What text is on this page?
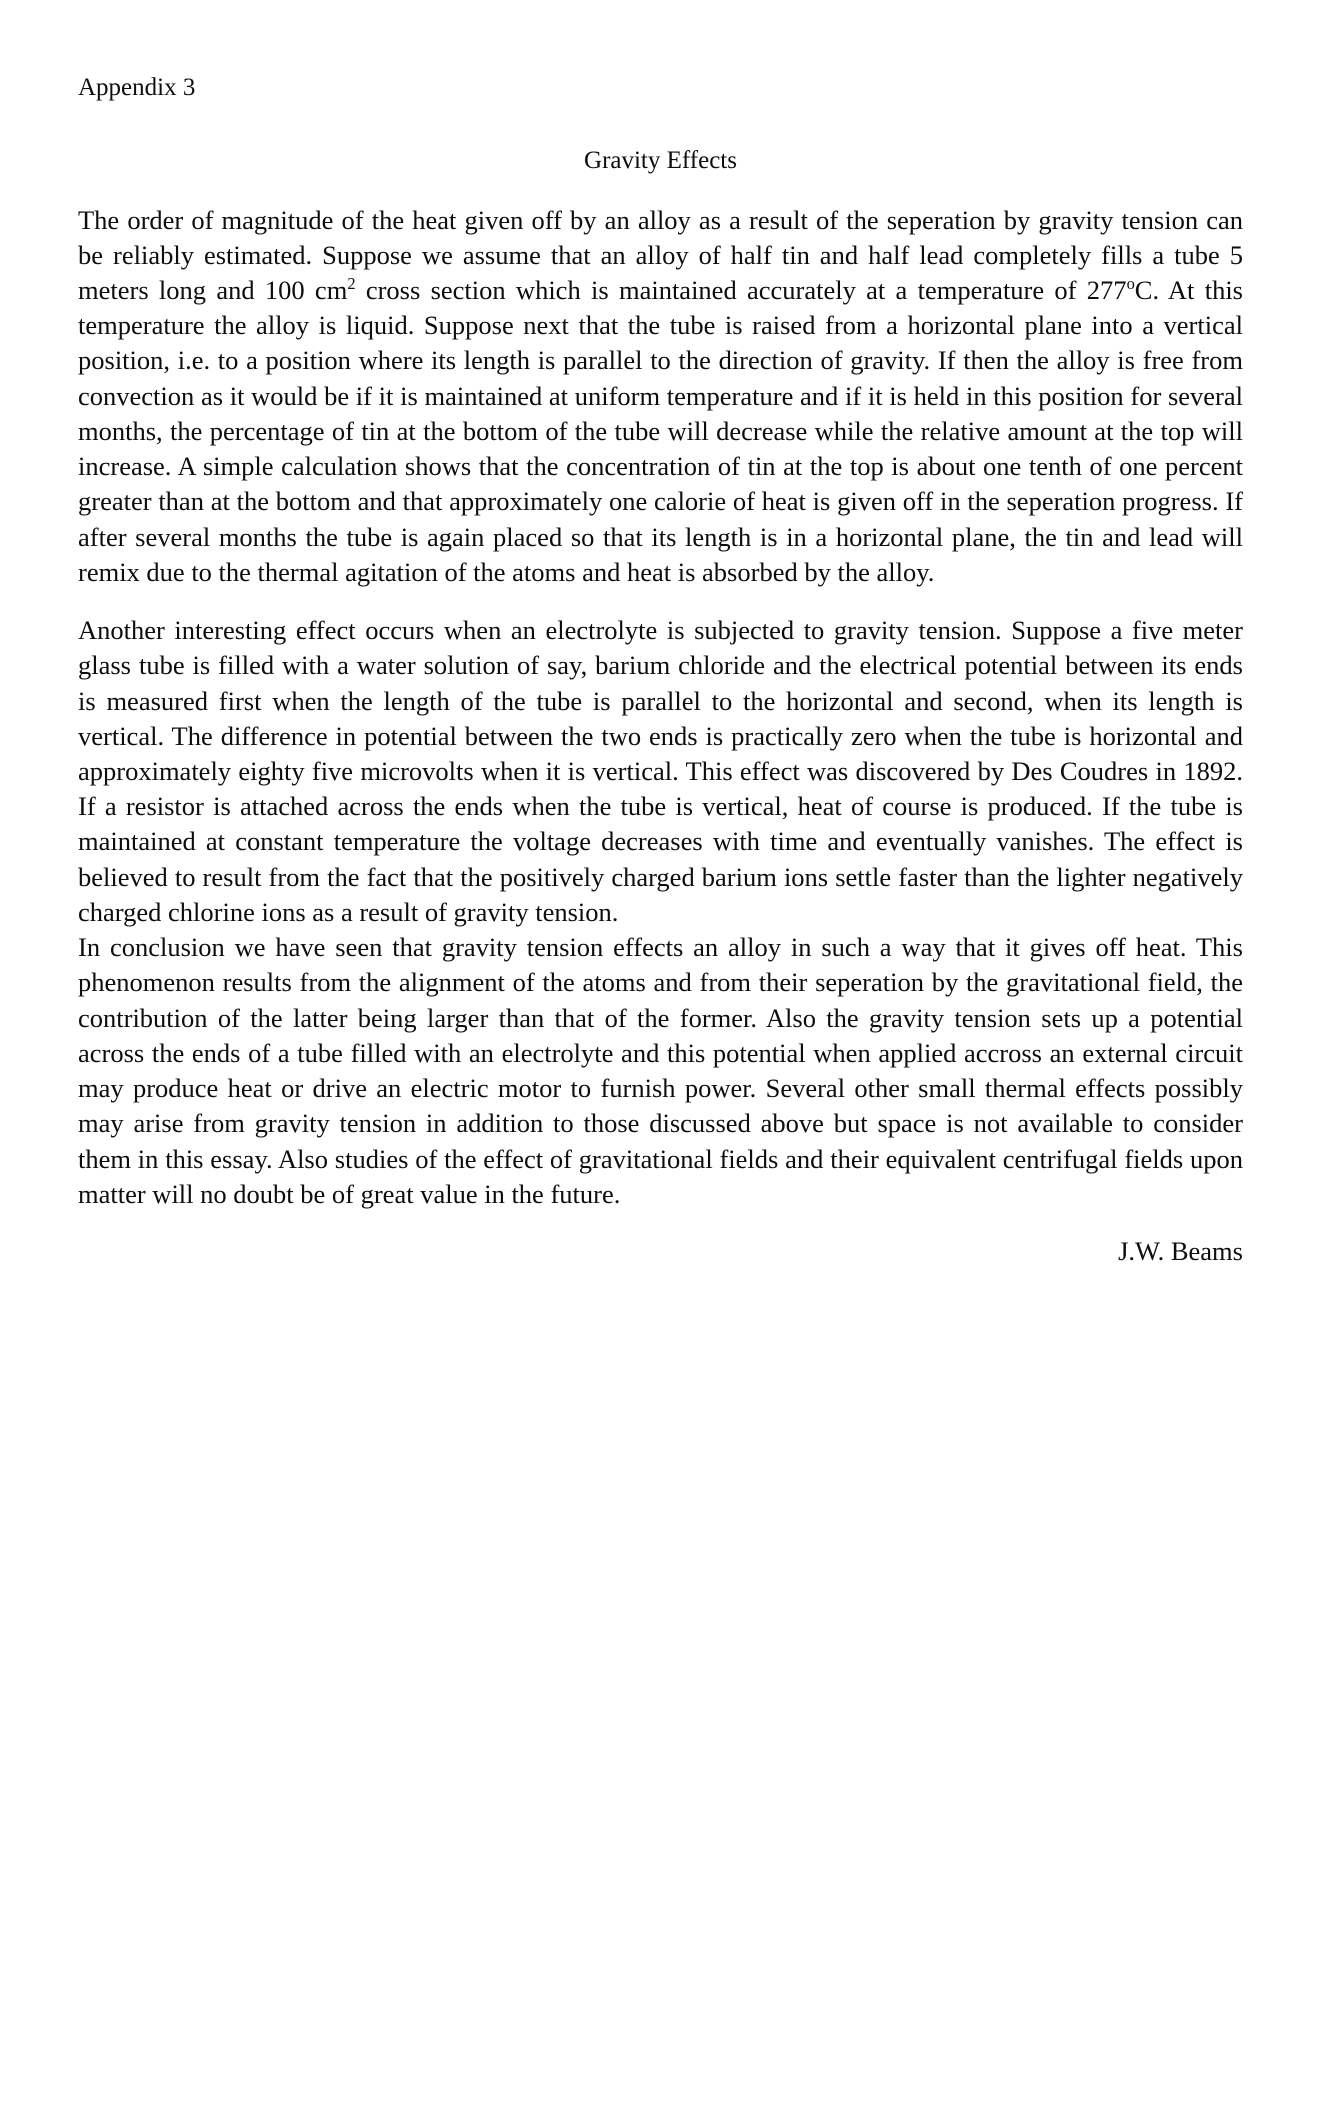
Appendix 3
Gravity Effects

The order of magnitude of the heat given off by an alloy as a result of the seperation by gravity tension can be reliably estimated. Suppose we assume that an alloy of half tin and half lead completely fills a tube 5 meters long and 100 $cm^2$ cross section which is maintained accurately at a temperature of 277$^o$C. At this temperature the alloy is liquid. Suppose next that the tube is raised from a horizontal plane into a vertical position, i.e. to a position where its length is parallel to the direction of gravity. If then the alloy is free from convection as it would be if it is maintained at uniform temperature and if it is held in this position for several months, the percentage of tin at the bottom of the tube will decrease while the relative amount at the top will increase. A simple calculation shows that the concentration of tin at the top is about one tenth of one percent greater than at the bottom and that approximately one calorie of heat is given off in the seperation progress. If after several months the tube is again placed so that its length is in a horizontal plane, the tin and lead will remix due to the thermal agitation of the atoms and heat is absorbed by the alloy.

Another interesting effect occurs when an electrolyte is subjected to gravity tension. Suppose a five meter glass tube is filled with a water solution of say, barium chloride and the electrical potential between its ends is measured first when the length of the tube is parallel to the horizontal and second, when its length is vertical. The difference in potential between the two ends is practically zero when the tube is horizontal and approximately eighty five microvolts when it is vertical. This effect was discovered by Des Coudres in 1892. If a resistor is attached across the ends when the tube is vertical, heat of course is produced. If the tube is maintained at constant temperature the voltage decreases with time and eventually vanishes. The effect is believed to result from the fact that the positively charged barium ions settle faster than the lighter negatively charged chlorine ions as a result of gravity tension.

In conclusion we have seen that gravity tension effects an alloy in such a way that it gives off heat. This phenomenon results from the alignment of the atoms and from their seperation by the gravitational field, the contribution of the latter being larger than that of the former. Also the gravity tension sets up a potential across the ends of a tube filled with an electrolyte and this potential when applied accross an external circuit may produce heat or drive an electric motor to furnish power. Several other small thermal effects possibly may arise from gravity tension in addition to those discussed above but space is not available to consider them in this essay. Also studies of the effect of gravitational fields and their equivalent centrifugal fields upon matter will no doubt be of great value in the future.

J.W. Beams
